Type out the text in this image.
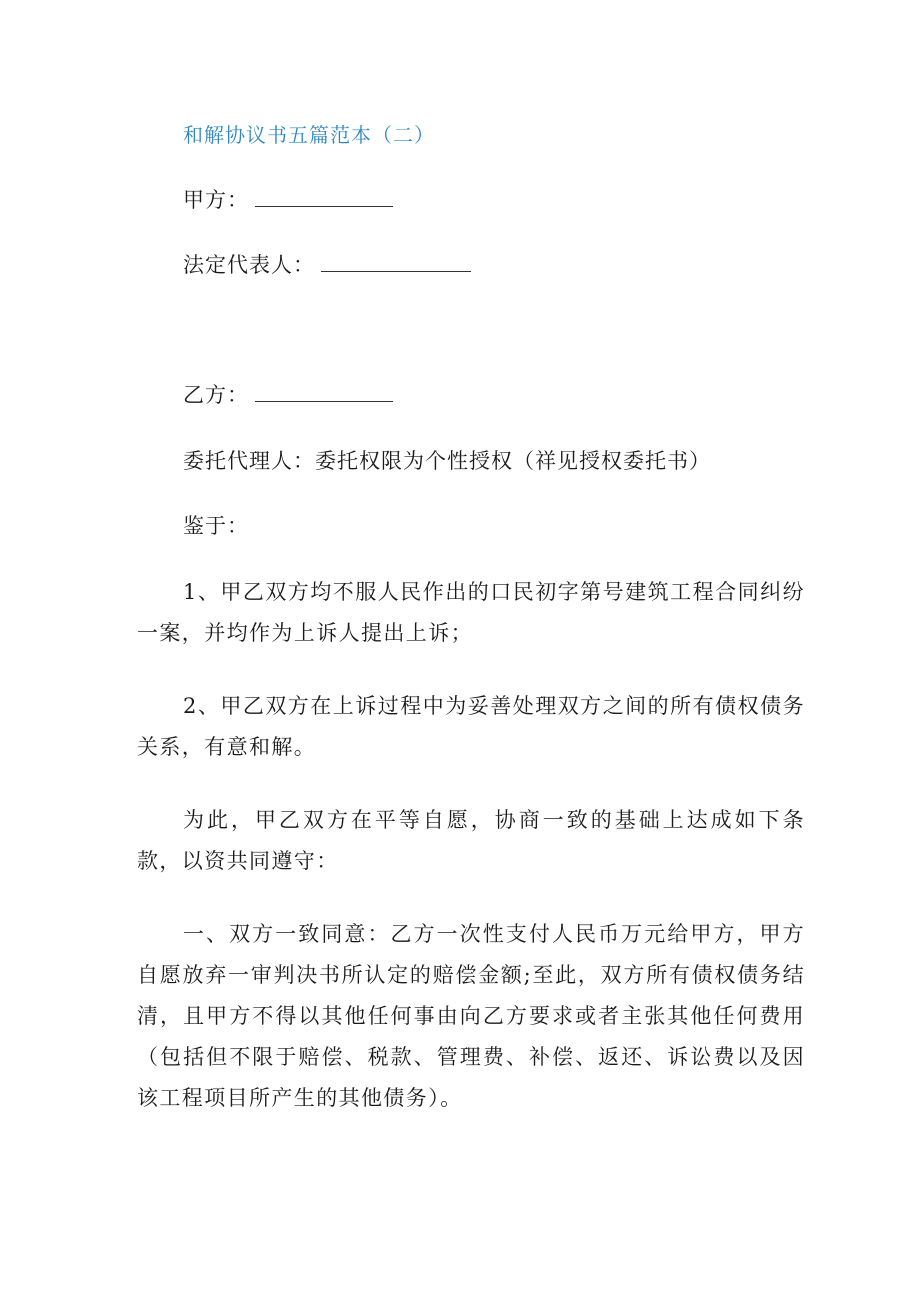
和解协议书五篇范本（二）
甲方：
法定代表人：
乙方：
委托代理人：委托权限为个性授权（祥见授权委托书）
鉴于：
1、甲乙双方均不服人民作出的口民初字第号建筑工程合同纠纷一案，并均作为上诉人提出上诉；
2、甲乙双方在上诉过程中为妥善处理双方之间的所有债权债务关系，有意和解。
为此，甲乙双方在平等自愿，协商一致的基础上达成如下条款，以资共同遵守：
一、双方一致同意：乙方一次性支付人民币万元给甲方，甲方自愿放弃一审判决书所认定的赔偿金额;至此，双方所有债权债务结清，且甲方不得以其他任何事由向乙方要求或者主张其他任何费用（包括但不限于赔偿、税款、管理费、补偿、返还、诉讼费以及因该工程项目所产生的其他债务）。
